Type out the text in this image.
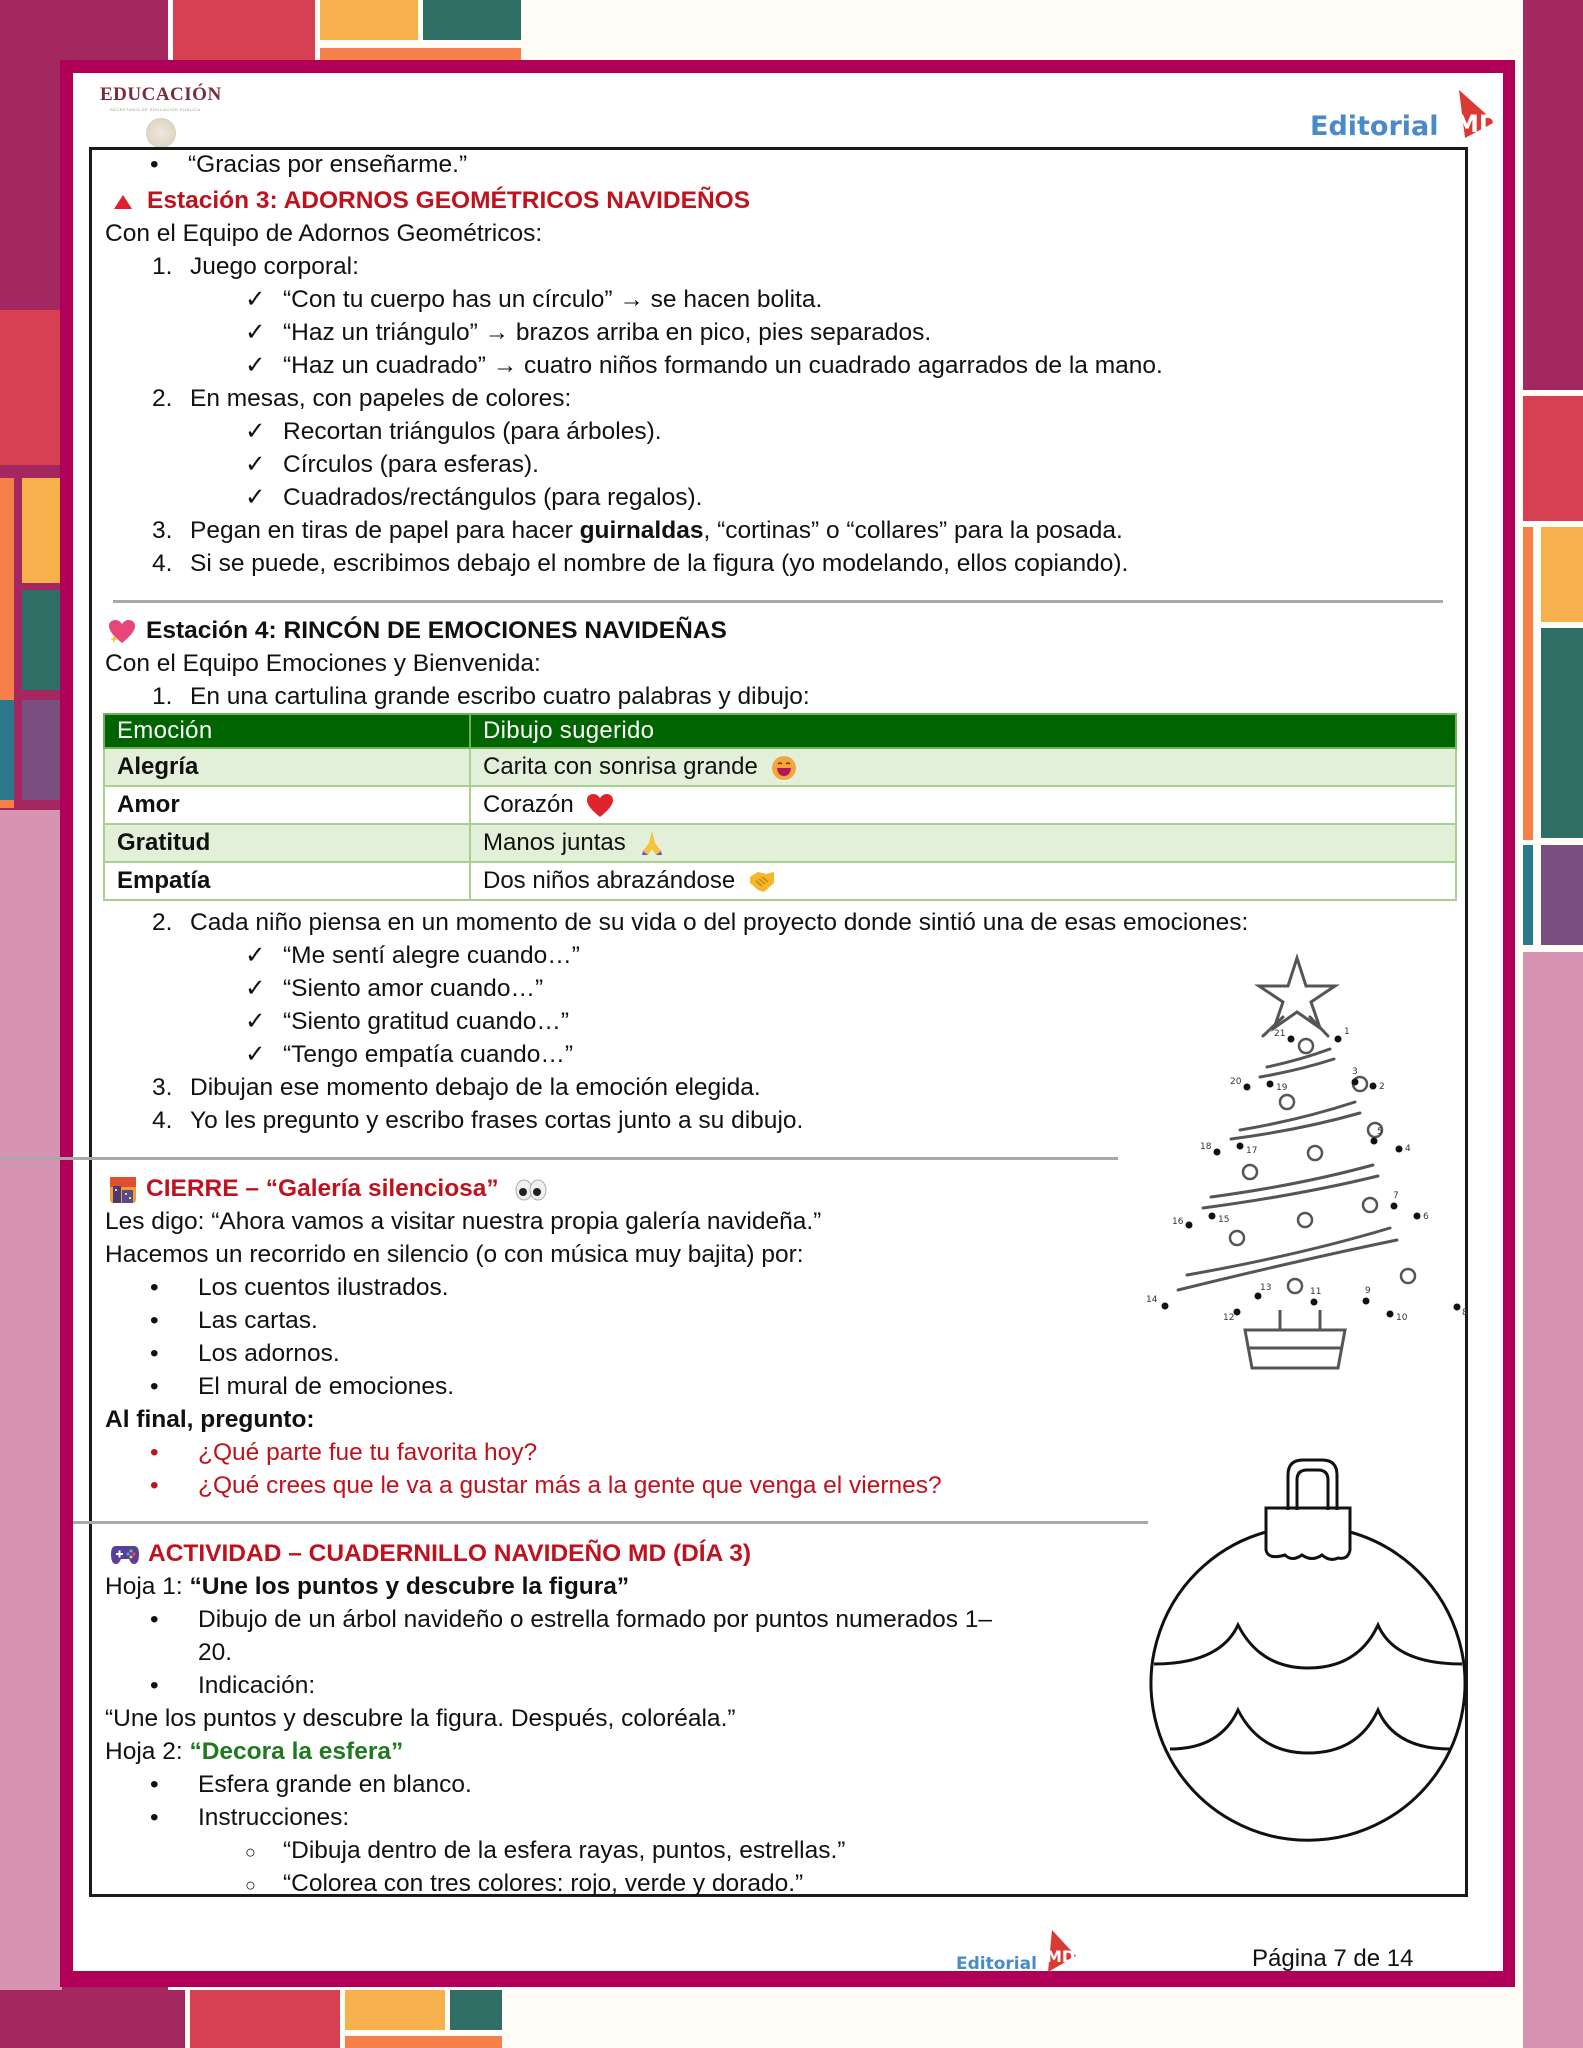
EDUCACIÓN
SECRETARÍA DE EDUCACIÓN PÚBLICA
Editorial MD
• “Gracias por enseñarme.”
Estación 3: ADORNOS GEOMÉTRICOS NAVIDEÑOS
Con el Equipo de Adornos Geométricos:
1. Juego corporal:
✓ “Con tu cuerpo has un círculo” → se hacen bolita.
✓ “Haz un triángulo” → brazos arriba en pico, pies separados.
✓ “Haz un cuadrado” → cuatro niños formando un cuadrado agarrados de la mano.
2. En mesas, con papeles de colores:
✓ Recortan triángulos (para árboles).
✓ Círculos (para esferas).
✓ Cuadrados/rectángulos (para regalos).
3. Pegan en tiras de papel para hacer guirnaldas, “cortinas” o “collares” para la posada.
4. Si se puede, escribimos debajo el nombre de la figura (yo modelando, ellos copiando).
Estación 4: RINCÓN DE EMOCIONES NAVIDEÑAS
Con el Equipo Emociones y Bienvenida:
1. En una cartulina grande escribo cuatro palabras y dibujo:
Emoción	Dibujo sugerido
Alegría	Carita con sonrisa grande
Amor	Corazón
Gratitud	Manos juntas
Empatía	Dos niños abrazándose
2. Cada niño piensa en un momento de su vida o del proyecto donde sintió una de esas emociones:
✓ “Me sentí alegre cuando…”
✓ “Siento amor cuando…”
✓ “Siento gratitud cuando…”
✓ “Tengo empatía cuando…”
3. Dibujan ese momento debajo de la emoción elegida.
4. Yo les pregunto y escribo frases cortas junto a su dibujo.
CIERRE – “Galería silenciosa”
Les digo: “Ahora vamos a visitar nuestra propia galería navideña.”
Hacemos un recorrido en silencio (o con música muy bajita) por:
• Los cuentos ilustrados.
• Las cartas.
• Los adornos.
• El mural de emociones.
Al final, pregunto:
• ¿Qué parte fue tu favorita hoy?
• ¿Qué crees que le va a gustar más a la gente que venga el viernes?
ACTIVIDAD – CUADERNILLO NAVIDEÑO MD (DÍA 3)
Hoja 1: “Une los puntos y descubre la figura”
• Dibujo de un árbol navideño o estrella formado por puntos numerados 1–
20.
• Indicación:
“Une los puntos y descubre la figura. Después, coloréala.”
Hoja 2: “Decora la esfera”
• Esfera grande en blanco.
• Instrucciones:
○ “Dibuja dentro de la esfera rayas, puntos, estrellas.”
○ “Colorea con tres colores: rojo, verde y dorado.”
1
2
3
4
5
6
7
8
9
10
11
12
13
14
15
16
17
18
19
20
21
Editorial MD	Página 7 de 14
